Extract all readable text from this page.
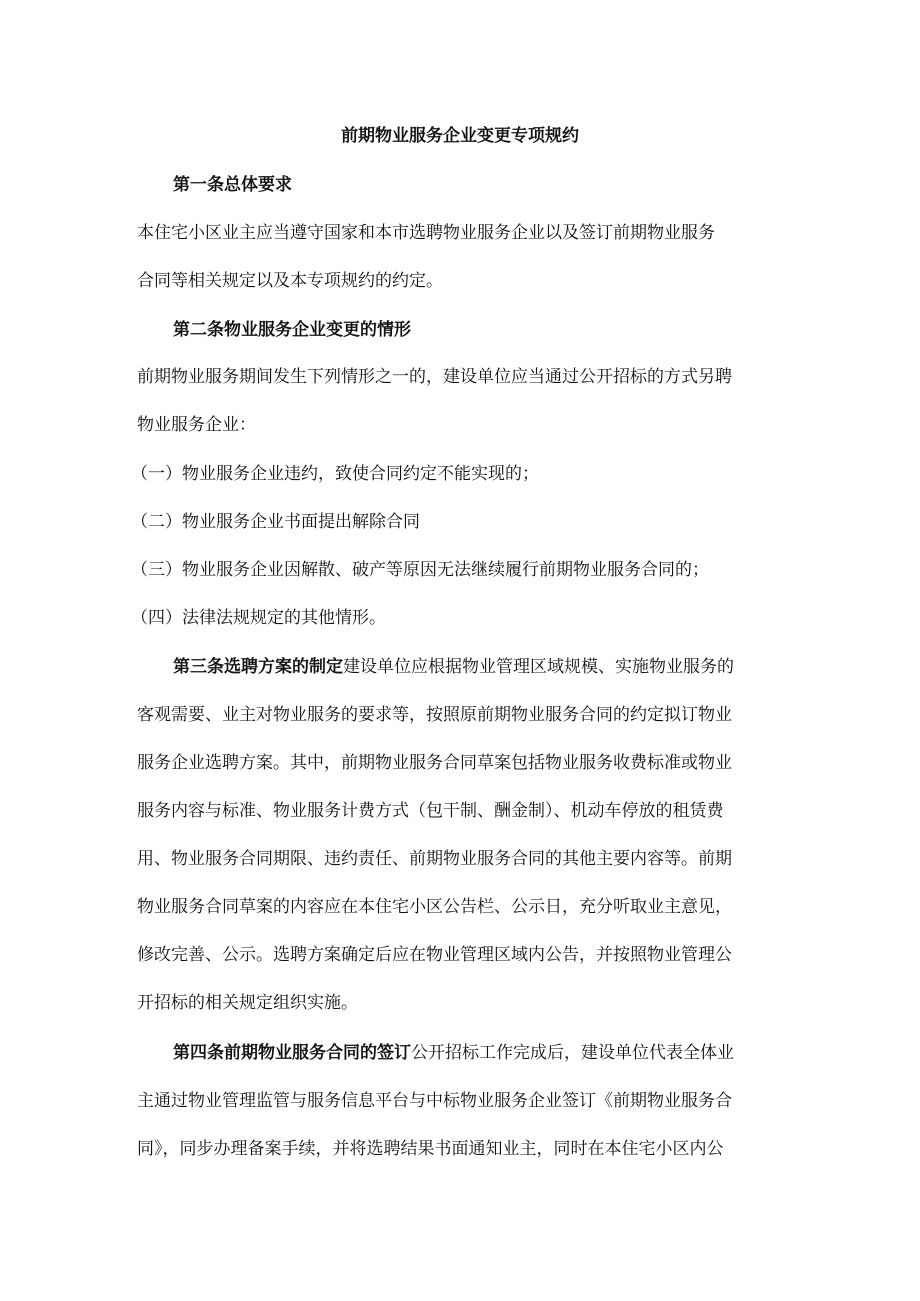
前期物业服务企业变更专项规约
第一条总体要求
本住宅小区业主应当遵守国家和本市选聘物业服务企业以及签订前期物业服务
合同等相关规定以及本专项规约的约定。
第二条物业服务企业变更的情形
前期物业服务期间发生下列情形之一的，建设单位应当通过公开招标的方式另聘
物业服务企业：
（一）物业服务企业违约，致使合同约定不能实现的；
（二）物业服务企业书面提出解除合同
（三）物业服务企业因解散、破产等原因无法继续履行前期物业服务合同的；
（四）法律法规规定的其他情形。
第三条选聘方案的制定建设单位应根据物业管理区域规模、实施物业服务的
客观需要、业主对物业服务的要求等，按照原前期物业服务合同的约定拟订物业
服务企业选聘方案。其中，前期物业服务合同草案包括物业服务收费标准或物业
服务内容与标准、物业服务计费方式（包干制、酬金制）、机动车停放的租赁费
用、物业服务合同期限、违约责任、前期物业服务合同的其他主要内容等。前期
物业服务合同草案的内容应在本住宅小区公告栏、公示日，充分听取业主意见，
修改完善、公示。选聘方案确定后应在物业管理区域内公告，并按照物业管理公
开招标的相关规定组织实施。
第四条前期物业服务合同的签订公开招标工作完成后，建设单位代表全体业
主通过物业管理监管与服务信息平台与中标物业服务企业签订《前期物业服务合
同》，同步办理备案手续，并将选聘结果书面通知业主，同时在本住宅小区内公
